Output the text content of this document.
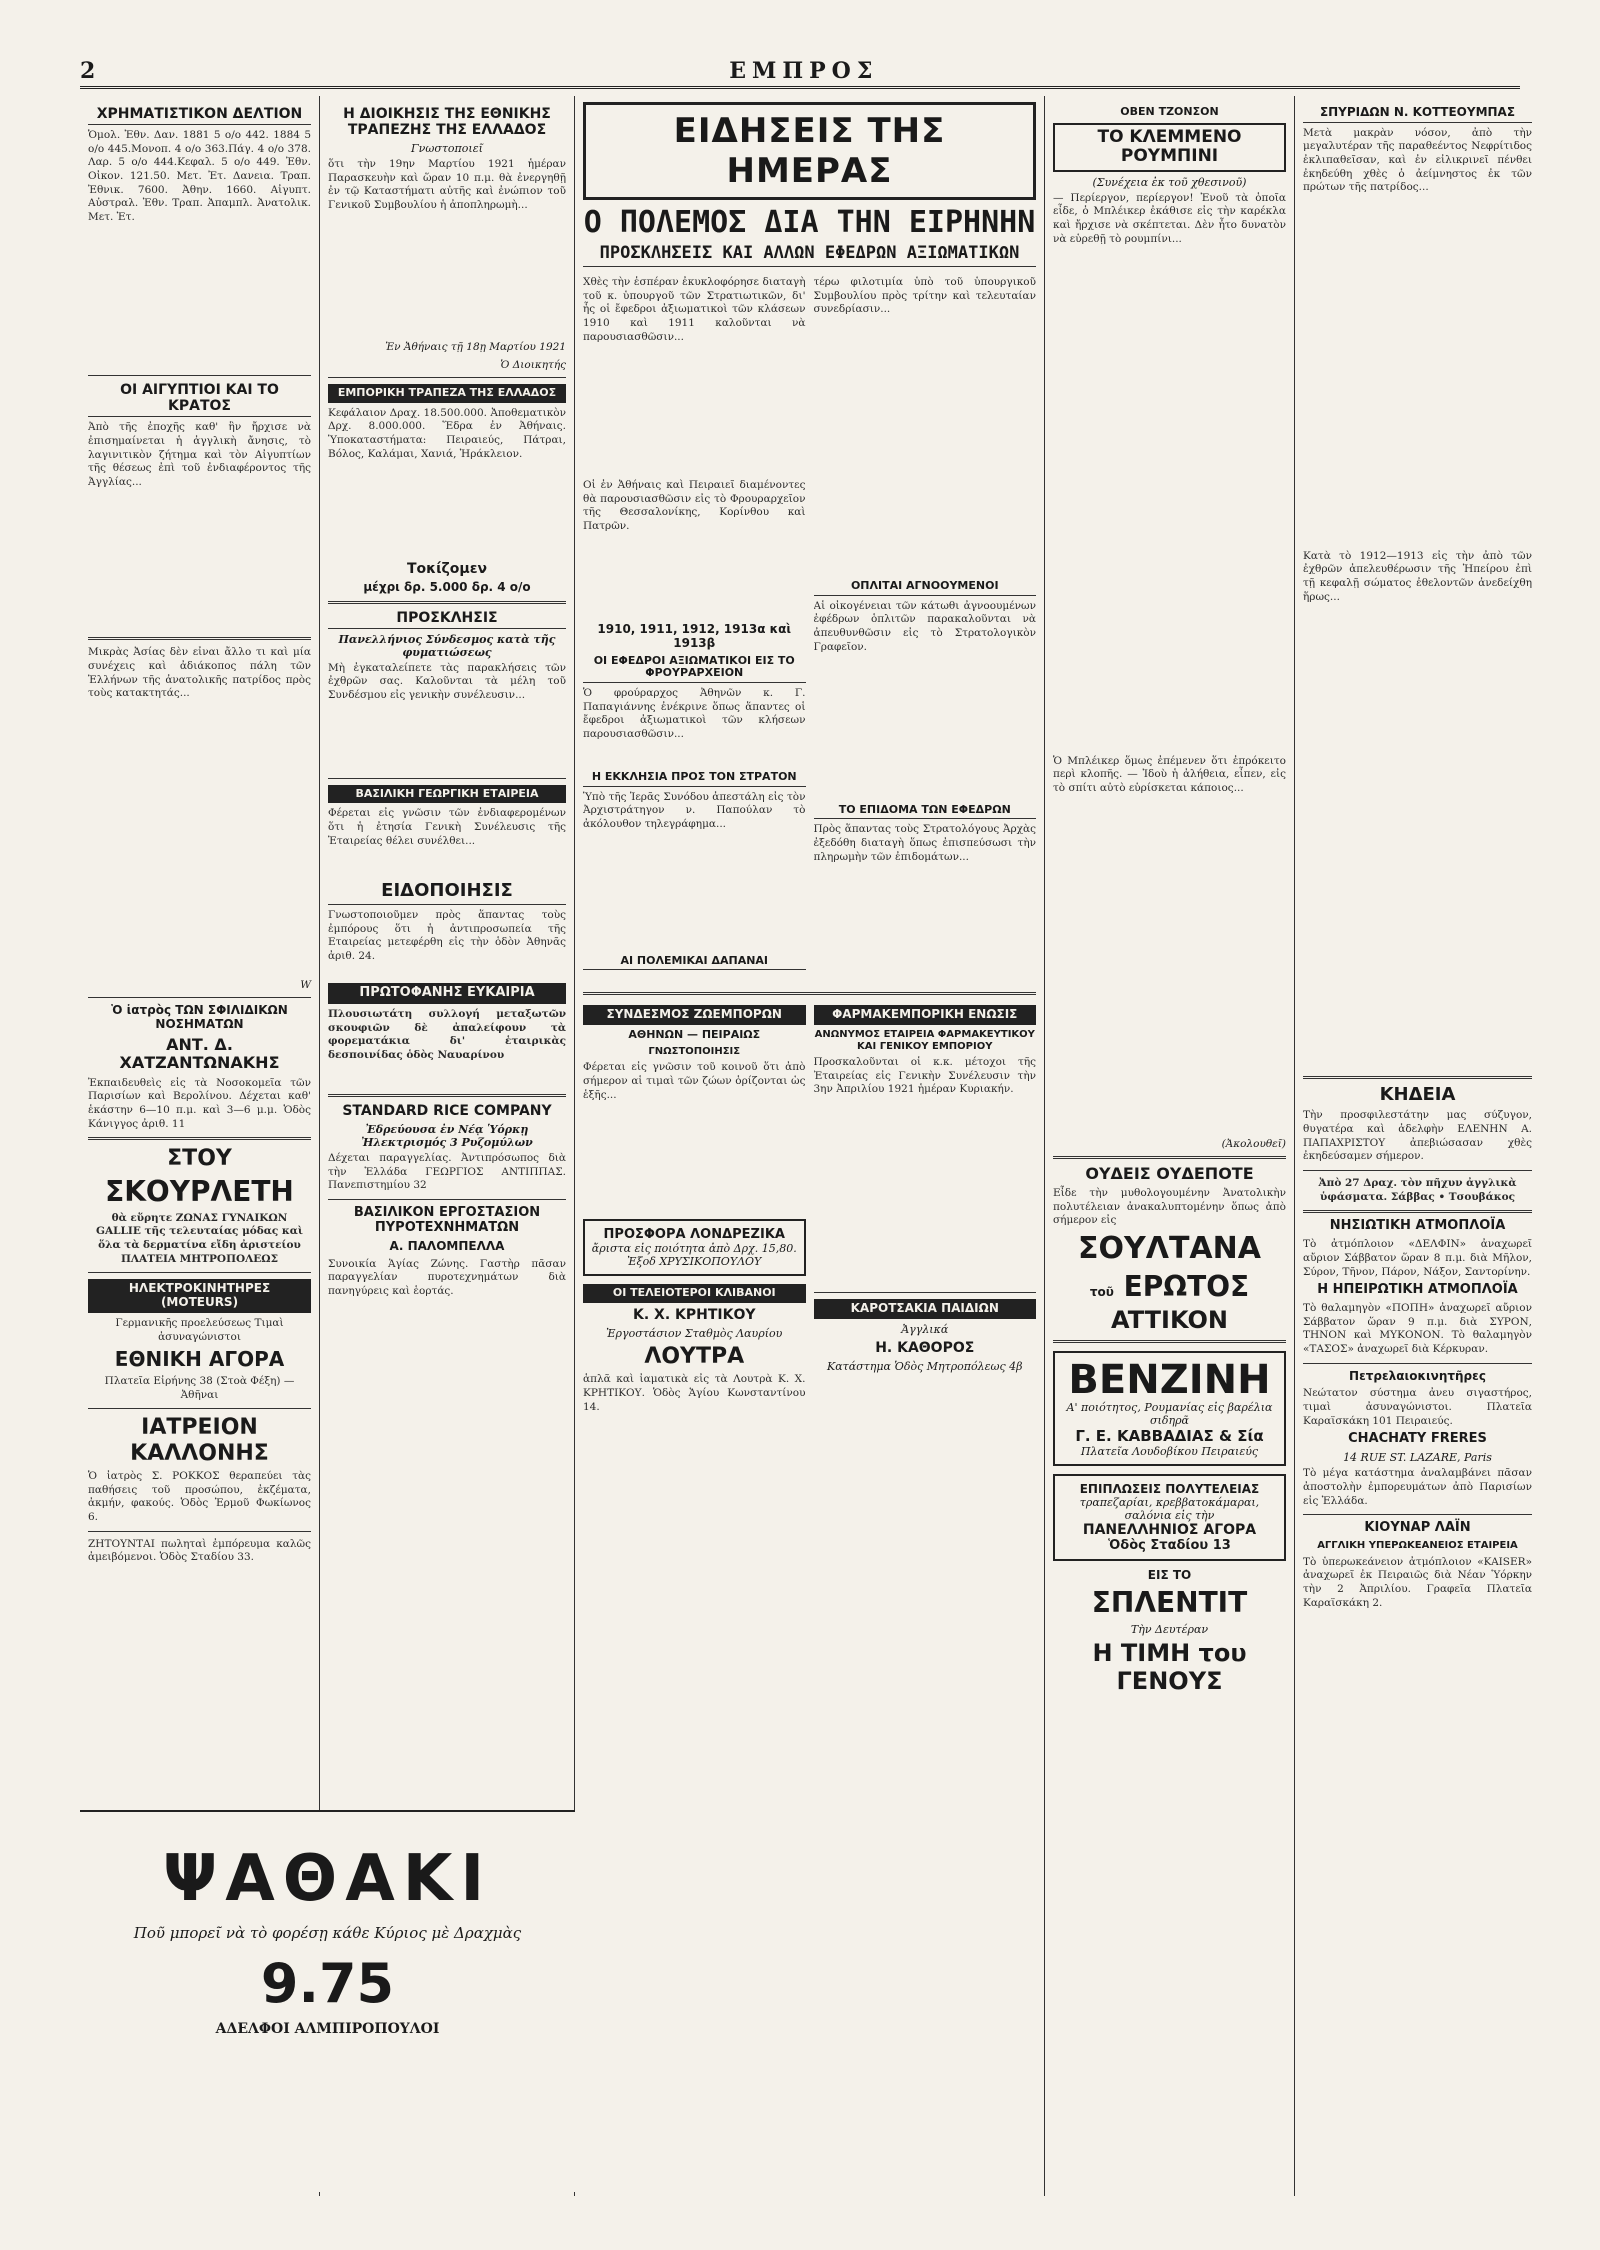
2	ΕΜΠΡΟΣ

ΧΡΗΜΑΤΙΣΤΙΚΟΝ ΔΕΛΤΙΟΝ
Ὁμολ. Ἐθν. Δαν. 1881 5 ο/ο 442. 1884 5 ο/ο 445.Μονοπ. 4 ο/ο 363.Πάγ. 4 ο/ο 378. Λαρ. 5 ο/ο 444.Κεφαλ. 5 ο/ο 449. Ἐθν. Οἰκον. 121.50. Μετ. Ἐτ. Δανεια. Τραπ. Ἐθνικ. 7600. Ἀθην. 1660. Αἰγυπτ. Αὐστραλ. Ἐθν. Τραπ. Ἀπαμπλ. Ἀνατολικ. Μετ. Ἐτ.
ΟΙ ΑΙΓΥΠΤΙΟΙ ΚΑΙ ΤΟ ΚΡΑΤΟΣ
Ἀπὸ τῆς ἐποχῆς καθ' ἣν ἤρχισε νὰ ἐπισημαίνεται ἡ ἀγγλικὴ ἄνησις, τὸ λαγινιτικὸν ζήτημα καὶ τὸν Αἰγυπτίων τῆς θέσεως ἐπὶ τοῦ ἐνδιαφέροντος τῆς Ἀγγλίας...
Μικρὰς Ἀσίας δὲν εἶναι ἄλλο τι καὶ μία συνέχεις καὶ ἀδιάκοπος πάλη τῶν Ἑλλήνων τῆς ἀνατολικῆς πατρίδος πρὸς τοὺς κατακτητάς...
W
Ὁ ἰατρὸς ΤΩΝ ΣΦΙΛΙΔΙΚΩΝ ΝΟΣΗΜΑΤΩΝ
ΑΝΤ. Δ. ΧΑΤΖΑΝΤΩΝΑΚΗΣ
Ἐκπαιδευθεὶς εἰς τὰ Νοσοκομεῖα τῶν Παρισίων καὶ Βερολίνου. Δέχεται καθ' ἑκάστην 6—10 π.μ. καὶ 3—6 μ.μ. Ὁδὸς Κάνιγγος ἀριθ. 11
ΣΤΟΥ
ΣΚΟΥΡΛΕΤΗ
θὰ εὕρητε ΖΩΝΑΣ ΓΥΝΑΙΚΩΝ GALLIE τῆς τελευταίας μόδας καὶ ὅλα τὰ δερματίνα εἴδη ἀριστείου ΠΛΑΤΕΙΑ ΜΗΤΡΟΠΟΛΕΩΣ
ΗΛΕΚΤΡΟΚΙΝΗΤΗΡΕΣ (MOTEURS)
Γερμανικῆς προελεύσεως Τιμαὶ ἀσυναγώνιστοι
ΕΘΝΙΚΗ ΑΓΟΡΑ
Πλατεῖα Εἰρήνης 38 (Στοὰ Φέξη) — Ἀθῆναι
ΙΑΤΡΕΙΟΝ ΚΑΛΛΟΝΗΣ
Ὁ ἰατρὸς Σ. ΡΟΚΚΟΣ θεραπεύει τὰς παθήσεις τοῦ προσώπου, ἐκζέματα, ἀκμήν, φακούς. Ὁδὸς Ἑρμοῦ Φωκίωνος 6.
ΖΗΤΟΥΝΤΑΙ πωληταὶ ἐμπόρευμα καλῶς ἀμειβόμενοι. Ὁδὸς Σταδίου 33.
Η ΔΙΟΙΚΗΣΙΣ ΤΗΣ ΕΘΝΙΚΗΣ ΤΡΑΠΕΖΗΣ ΤΗΣ ΕΛΛΑΔΟΣ
Γνωστοποιεῖ
ὅτι τὴν 19ην Μαρτίου 1921 ἡμέραν Παρασκευὴν καὶ ὥραν 10 π.μ. θὰ ἐνεργηθῇ ἐν τῷ Καταστήματι αὐτῆς καὶ ἐνώπιον τοῦ Γενικοῦ Συμβουλίου ἡ ἀποπληρωμὴ...
Ἐν Ἀθήναις τῇ 18ῃ Μαρτίου 1921
Ὁ Διοικητής
ΕΜΠΟΡΙΚΗ ΤΡΑΠΕΖΑ ΤΗΣ ΕΛΛΑΔΟΣ
Κεφάλαιον Δραχ. 18.500.000. Ἀποθεματικὸν Δρχ. 8.000.000. Ἕδρα ἐν Ἀθήναις. Ὑποκαταστήματα: Πειραιεύς, Πάτραι, Βόλος, Καλάμαι, Χανιά, Ἡράκλειον.
Τοκίζομεν
μέχρι δρ. 5.000 δρ. 4 ο/ο
ΠΡΟΣΚΛΗΣΙΣ
Πανελλήνιος Σύνδεσμος κατὰ τῆς φυματιώσεως
Μὴ ἐγκαταλείπετε τὰς παρακλήσεις τῶν ἐχθρῶν σας. Καλοῦνται τὰ μέλη τοῦ Συνδέσμου εἰς γενικὴν συνέλευσιν...
ΒΑΣΙΛΙΚΗ ΓΕΩΡΓΙΚΗ ΕΤΑΙΡΕΙΑ
Φέρεται εἰς γνῶσιν τῶν ἐνδιαφερομένων ὅτι ἡ ἐτησία Γενικὴ Συνέλευσις τῆς Ἑταιρείας θέλει συνέλθει...
ΕΙΔΟΠΟΙΗΣΙΣ
Γνωστοποιοῦμεν πρὸς ἅπαντας τοὺς ἐμπόρους ὅτι ἡ ἀντιπροσωπεία τῆς Εταιρείας μετεφέρθη εἰς τὴν ὁδὸν Ἀθηνᾶς ἀριθ. 24.
ΠΡΩΤΟΦΑΝΗΣ ΕΥΚΑΙΡΙΑ
Πλουσιωτάτη συλλογή μεταξωτῶν σκουφιῶν δὲ ἀπαλείφουν τὰ φορεματάκια δι' ἑταιρικὰς δεσποινίδας ὁδὸς Ναυαρίνου
STANDARD RICE COMPANY
Ἐδρεύουσα ἐν Νέᾳ Ὑόρκῃ Ἠλεκτρισμός 3 Ρυζομύλων
Δέχεται παραγγελίας. Ἀντιπρόσωπος διὰ τὴν Ἑλλάδα ΓΕΩΡΓΙΟΣ ΑΝΤΙΠΠΑΣ. Πανεπιστημίου 32
ΒΑΣΙΛΙΚΟΝ ΕΡΓΟΣΤΑΣΙΟΝ ΠΥΡΟΤΕΧΝΗΜΑΤΩΝ
Α. ΠΑΛΟΜΠΕΛΛΑ
Συνοικία Ἁγίας Ζώνης. Γαστὴρ πᾶσαν παραγγελίαν πυροτεχνημάτων διὰ πανηγύρεις καὶ ἑορτάς.
ΕΙΔΗΣΕΙΣ ΤΗΣ ΗΜΕΡΑΣ
Ο ΠΟΛΕΜΟΣ ΔΙΑ ΤΗΝ ΕΙΡΗΝΗΝ
ΠΡΟΣΚΛΗΣΕΙΣ ΚΑΙ ΑΛΛΩΝ ΕΦΕΔΡΩΝ ΑΞΙΩΜΑΤΙΚΩΝ
Χθὲς τὴν ἑσπέραν ἐκυκλοφόρησε διαταγὴ τοῦ κ. ὑπουργοῦ τῶν Στρατιωτικῶν, δι' ἧς οἱ ἔφεδροι ἀξιωματικοὶ τῶν κλάσεων 1910 καὶ 1911 καλοῦνται νὰ παρουσιασθῶσιν...
Οἱ ἐν Ἀθήναις καὶ Πειραιεῖ διαμένοντες θὰ παρουσιασθῶσιν εἰς τὸ Φρουραρχεῖον τῆς Θεσσαλονίκης, Κορίνθου καὶ Πατρῶν.
1910, 1911, 1912, 1913α καὶ 1913β
ΟΙ ΕΦΕΔΡΟΙ ΑΞΙΩΜΑΤΙΚΟΙ ΕΙΣ ΤΟ ΦΡΟΥΡΑΡΧΕΙΟΝ
Ὁ φρούραρχος Ἀθηνῶν κ. Γ. Παπαγιάννης ἐνέκρινε ὅπως ἅπαντες οἱ ἔφεδροι ἀξιωματικοὶ τῶν κλήσεων παρουσιασθῶσιν...
Η ΕΚΚΛΗΣΙΑ ΠΡΟΣ ΤΟΝ ΣΤΡΑΤΟΝ
Ὑπὸ τῆς Ἱερᾶς Συνόδου ἀπεστάλη εἰς τὸν Ἀρχιστράτηγον ν. Παπούλαν τὸ ἀκόλουθον τηλεγράφημα...
ΑΙ ΠΟΛΕΜΙΚΑΙ ΔΑΠΑΝΑΙ
τέρω φιλοτιμία ὑπὸ τοῦ ὑπουργικοῦ Συμβουλίου πρὸς τρίτην καὶ τελευταίαν συνεδρίασιν...
ΟΠΛΙΤΑΙ ΑΓΝΟΟΥΜΕΝΟΙ
Αἱ οἰκογένειαι τῶν κάτωθι ἀγνοουμένων ἐφέδρων ὁπλιτῶν παρακαλοῦνται νὰ ἀπευθυνθῶσιν εἰς τὸ Στρατολογικὸν Γραφεῖον.
ΤΟ ΕΠΙΔΟΜΑ ΤΩΝ ΕΦΕΔΡΩΝ
Πρὸς ἅπαντας τοὺς Στρατολόγους Ἀρχὰς ἐξεδόθη διαταγὴ ὅπως ἐπισπεύσωσι τὴν πληρωμὴν τῶν ἐπιδομάτων...
ΣΥΝΔΕΣΜΟΣ ΖΩΕΜΠΟΡΩΝ
ΑΘΗΝΩΝ — ΠΕΙΡΑΙΩΣ
ΓΝΩΣΤΟΠΟΙΗΣΙΣ
Φέρεται εἰς γνῶσιν τοῦ κοινοῦ ὅτι ἀπὸ σήμερον αἱ τιμαὶ τῶν ζώων ὁρίζονται ὡς ἑξῆς...
ΠΡΟΣΦΟΡΑ ΛΟΝΔΡΕΖΙΚΑ
ἄριστα εἰς ποιότητα ἀπὸ Δρχ. 15,80. Ἐξοδ ΧΡΥΣΙΚΟΠΟΥΛΟΥ
ΟΙ ΤΕΛΕΙΟΤΕΡΟΙ ΚΛΙΒΑΝΟΙ
Κ. Χ. ΚΡΗΤΙΚΟΥ
Ἐργοστάσιον Σταθμὸς Λαυρίου
ΛΟΥΤΡΑ
ἁπλᾶ καὶ ἰαματικὰ εἰς τὰ Λουτρὰ Κ. Χ. ΚΡΗΤΙΚΟΥ. Ὁδὸς Ἁγίου Κωνσταντίνου 14.
ΦΑΡΜΑΚΕΜΠΟΡΙΚΗ ΕΝΩΣΙΣ
ΑΝΩΝΥΜΟΣ ΕΤΑΙΡΕΙΑ ΦΑΡΜΑΚΕΥΤΙΚΟΥ ΚΑΙ ΓΕΝΙΚΟΥ ΕΜΠΟΡΙΟΥ
Προσκαλοῦνται οἱ κ.κ. μέτοχοι τῆς Ἑταιρείας εἰς Γενικὴν Συνέλευσιν τὴν 3ην Ἀπριλίου 1921 ἡμέραν Κυριακήν.
ΚΑΡΟΤΣΑΚΙΑ ΠΑΙΔΙΩΝ
Ἀγγλικά
Η. ΚΑΘΟΡΟΣ
Κατάστημα Ὁδὸς Μητροπόλεως 4β
ΟΒΕΝ ΤΖΟΝΣΟΝ
ΤΟ ΚΛΕΜΜΕΝΟ ΡΟΥΜΠΙΝΙ
(Συνέχεια ἐκ τοῦ χθεσινοῦ)
— Περίεργον, περίεργον! Ἐνοῦ τὰ ὁποῖα εἶδε, ὁ Μπλέικερ ἐκάθισε εἰς τὴν καρέκλα καὶ ἤρχισε νὰ σκέπτεται. Δὲν ἦτο δυνατὸν νὰ εὑρεθῇ τὸ ρουμπίνι...
Ὁ Μπλέικερ ὅμως ἐπέμενεν ὅτι ἐπρόκειτο περὶ κλοπῆς. — Ἰδοὺ ἡ ἀλήθεια, εἶπεν, εἰς τὸ σπίτι αὐτὸ εὑρίσκεται κάποιος...
(Ἀκολουθεῖ)
ΟΥΔΕΙΣ ΟΥΔΕΠΟΤΕ
Εἶδε τὴν μυθολογουμένην Ἀνατολικὴν πολυτέλειαν ἀνακαλυπτομένην ὅπως ἀπὸ σήμερον εἰς
ΣΟΥΛΤΑΝΑ
τοῦ ΕΡΩΤΟΣ
ATTIKON
ΒΕΝΖΙΝΗ
Α' ποιότητος, Ρουμανίας εἰς βαρέλια σιδηρᾶ
Γ. Ε. ΚΑΒΒΑΔΙΑΣ & Σία
Πλατεῖα Λουδοβίκου Πειραιεύς
ΕΠΙΠΛΩΣΕΙΣ ΠΟΛΥΤΕΛΕΙΑΣ
τραπεζαρίαι, κρεββατοκάμαραι, σαλόνια εἰς τὴν
ΠΑΝΕΛΛΗΝΙΟΣ ΑΓΟΡΑ
Ὁδὸς Σταδίου 13
ΕΙΣ ΤΟ
ΣΠΛΕΝΤΙΤ
Τὴν Δευτέραν
Η ΤΙΜΗ του ΓΕΝΟΥΣ
ΣΠΥΡΙΔΩΝ Ν. ΚΟΤΤΕΟΥΜΠΑΣ
Μετὰ μακρὰν νόσον, ἀπὸ τὴν μεγαλυτέραν τῆς παραθεέντος Νεφρίτιδος ἐκλιπαθεῖσαν, καὶ ἐν εἰλικρινεῖ πένθει ἐκηδεύθη χθὲς ὁ ἀείμνηστος ἐκ τῶν πρώτων τῆς πατρίδος...
Κατὰ τὸ 1912—1913 εἰς τὴν ἀπὸ τῶν ἐχθρῶν ἀπελευθέρωσιν τῆς Ἠπείρου ἐπὶ τῇ κεφαλῇ σώματος ἐθελοντῶν ἀνεδείχθη ἥρως...
ΚΗΔΕΙΑ
Τὴν προσφιλεστάτην μας σύζυγον, θυγατέρα καὶ ἀδελφὴν ΕΛΕΝΗΝ Α. ΠΑΠΑΧΡΙΣΤΟΥ ἀπεβιώσασαν χθὲς ἐκηδεύσαμεν σήμερον.
Ἀπὸ 27 Δραχ. τὸν πῆχυν ἀγγλικὰ ὑφάσματα. Σάββας • Τσουβάκος
ΝΗΣΙΩΤΙΚΗ ΑΤΜΟΠΛΟΪΑ
Τὸ ἀτμόπλοιον «ΔΕΛΦΙΝ» ἀναχωρεῖ αὔριον Σάββατον ὥραν 8 π.μ. διὰ Μῆλον, Σύρον, Τῆνον, Πάρον, Νάξον, Σαντορίνην.
Η ΗΠΕΙΡΩΤΙΚΗ ΑΤΜΟΠΛΟΪΑ
Τὸ θαλαμηγὸν «ΠΟΠΗ» ἀναχωρεῖ αὔριον Σάββατον ὥραν 9 π.μ. διὰ ΣΥΡΟΝ, ΤΗΝΟΝ καὶ ΜΥΚΟΝΟΝ. Τὸ θαλαμηγὸν «ΤΑΣΟΣ» ἀναχωρεῖ διὰ Κέρκυραν.
Πετρελαιοκινητῆρες
Νεώτατον σύστημα ἀνευ σιγαστήρος, τιμαὶ ἀσυναγώνιστοι. Πλατεῖα Καραϊσκάκη 101 Πειραιεύς.
CHACHATY FRERES
14 RUE ST. LAZARE, Paris
Τὸ μέγα κατάστημα ἀναλαμβάνει πᾶσαν ἀποστολὴν ἐμπορευμάτων ἀπὸ Παρισίων εἰς Ἑλλάδα.
ΚΙΟΥΝΑΡ ΛΑΪΝ
ΑΓΓΛΙΚΗ ΥΠΕΡΩΚΕΑΝΕΙΟΣ ΕΤΑΙΡΕΙΑ
Τὸ ὑπερωκεάνειον ἀτμόπλοιον «KAISER» ἀναχωρεῖ ἐκ Πειραιῶς διὰ Νέαν Ὑόρκην τὴν 2 Ἀπριλίου. Γραφεῖα Πλατεῖα Καραϊσκάκη 2.
ΨΑΘΑΚΙ
Ποῦ μπορεῖ νὰ τὸ φορέσῃ κάθε Κύριος μὲ Δραχμὰς
9.75
ΑΔΕΛΦΟΙ ΑΛΜΠΙΡΟΠΟΥΛΟΙ
